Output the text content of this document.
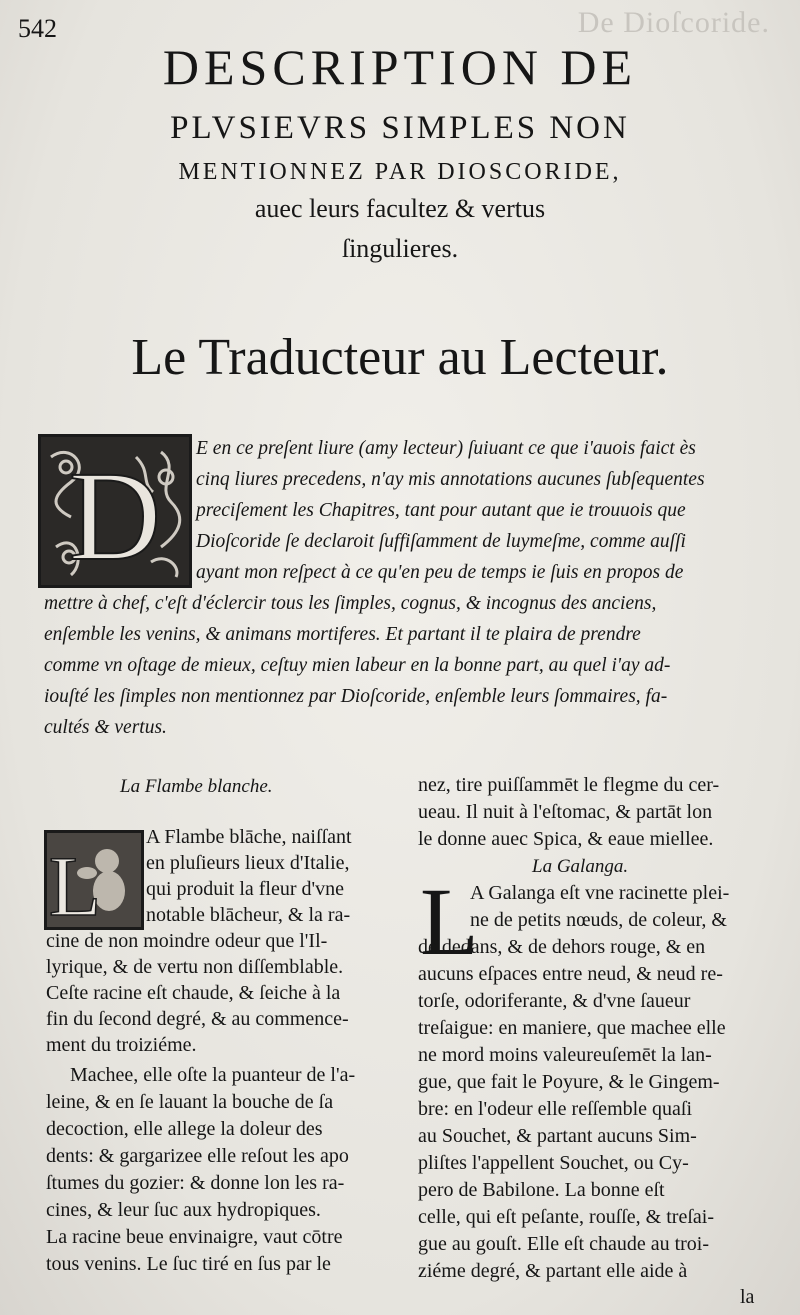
De Dioſcoride.
542
DESCRIPTION DE
PLVSIEVRS SIMPLES NON
MENTIONNEZ PAR DIOSCORIDE,
auec leurs facultez & vertus
ſingulieres.
Le Traducteur au Lecteur.
D E en ce preſent liure (amy lecteur) ſuiuant ce que i'auois faict ès
cinq liures precedens, n'ay mis annotations aucunes ſubſequentes
preciſement les Chapitres, tant pour autant que ie trouuois que
Dioſcoride ſe declaroit ſuffiſamment de luymeſme, comme auſſi
ayant mon reſpect à ce qu'en peu de temps ie ſuis en propos de
mettre à chef, c'eſt d'éclercir tous les ſimples, cognus, & incognus des anciens,
enſemble les venins, & animans mortiferes. Et partant il te plaira de prendre
comme vn oſtage de mieux, ceſtuy mien labeur en la bonne part, au quel i'ay ad-
iouſté les ſimples non mentionnez par Dioſcoride, enſemble leurs ſommaires, fa-
cultés & vertus.
La Flambe blanche.
L
A Flambe blāche, naiſſant
en pluſieurs lieux d'Italie,
qui produit la fleur d'vne
notable blācheur, & la ra-
cine de non moindre odeur que l'Il-
lyrique, & de vertu non diſſemblable.
Ceſte racine eſt chaude, & ſeiche à la
fin du ſecond degré, & au commence-
ment du troiziéme.
Machee, elle oſte la puanteur de l'a-
leine, & en ſe lauant la bouche de ſa
decoction, elle allege la doleur des
dents: & gargarizee elle reſout les apo
ſtumes du gozier: & donne lon les ra-
cines, & leur ſuc aux hydropiques.
La racine beue envinaigre, vaut cōtre
tous venins. Le ſuc tiré en ſus par le
nez, tire puiſſammēt le flegme du cer-
ueau. Il nuit à l'eſtomac, & partāt lon
le donne auec Spica, & eaue miellee.
La Galanga.
L
A Galanga eſt vne racinette plei-
ne de petits nœuds, de coleur, &
de dedans, & de dehors rouge, & en
aucuns eſpaces entre neud, & neud re-
torſe, odoriferante, & d'vne ſaueur
treſaigue: en maniere, que machee elle
ne mord moins valeureuſemēt la lan-
gue, que fait le Poyure, & le Gingem-
bre: en l'odeur elle reſſemble quaſi
au Souchet, & partant aucuns Sim-
pliſtes l'appellent Souchet, ou Cy-
pero de Babilone. La bonne eſt
celle, qui eſt peſante, rouſſe, & treſai-
gue au gouſt. Elle eſt chaude au troi-
ziéme degré, & partant elle aide à
la
